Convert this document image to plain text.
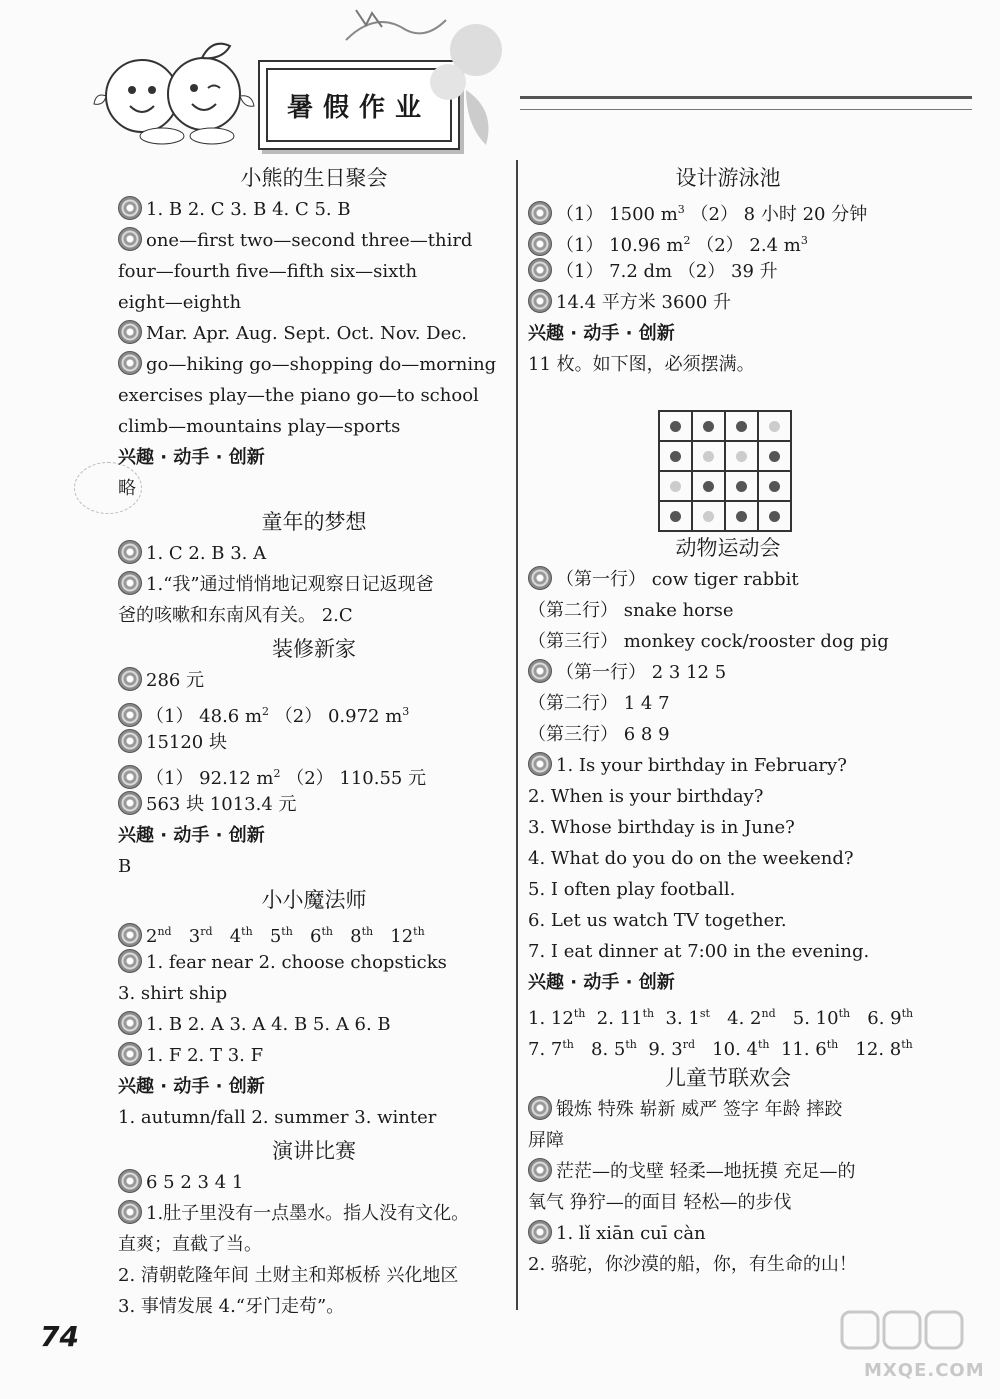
暑假作业
小熊的生日聚会
1. B 2. C 3. B 4. C 5. B
one—first two—second three—third
four—fourth five—fifth six—sixth
eight—eighth
Mar. Apr. Aug. Sept. Oct. Nov. Dec.
go—hiking go—shopping do—morning
exercises play—the piano go—to school
climb—mountains play—sports
兴趣 · 动手 · 创新
略
童年的梦想
1. C 2. B 3. A
1.“我”通过悄悄地记观察日记返现爸
爸的咳嗽和东南风有关。 2.C
装修新家
286 元
（1） 48.6 $m^2$ （2） 0.972 $m^3$
15120 块
（1） 92.12 $m^2$ （2） 110.55 元
563 块 1013.4 元
兴趣 · 动手 · 创新
B
小小魔法师
2nd   3rd   4th   5th   6th   8th   12th
1. fear near 2. choose chopsticks
3. shirt ship
1. B 2. A 3. A 4. B 5. A 6. B
1. F 2. T 3. F
兴趣 · 动手 · 创新
1. autumn/fall 2. summer 3. winter
演讲比赛
6 5 2 3 4 1
1.肚子里没有一点墨水。指人没有文化。
直爽；直截了当。
2. 清朝乾隆年间 土财主和郑板桥 兴化地区
3. 事情发展 4.“牙门走苟”。
设计游泳池
（1） 1500 $m^3$ （2） 8 小时 20 分钟
（1） 10.96 $m^2$ （2） 2.4 $m^3$
（1） 7.2 dm （2） 39 升
14.4 平方米 3600 升
兴趣 · 动手 · 创新
11 枚。如下图，必须摆满。

动物运动会
（第一行） cow tiger rabbit
（第二行） snake horse
（第三行） monkey cock/rooster dog pig
（第一行） 2 3 12 5
（第二行） 1 4 7
（第三行） 6 8 9
1. Is your birthday in February?
2. When is your birthday?
3. Whose birthday is in June?
4. What do you do on the weekend?
5. I often play football.
6. Let us watch TV together.
7. I eat dinner at 7:00 in the evening.
兴趣 · 动手 · 创新
1. 12th  2. 11th  3. 1st   4. 2nd   5. 10th   6. 9th
7. 7th   8. 5th  9. 3rd   10. 4th  11. 6th   12. 8th
儿童节联欢会
锻炼 特殊 崭新 威严 签字 年龄 摔跤
屏障
茫茫—的戈壁 轻柔—地抚摸 充足—的
氧气 狰狞—的面目 轻松—的步伐
1. lǐ xiān cuī càn
2. 骆驼，你沙漠的船，你，有生命的山！
74
MXQE.COM
